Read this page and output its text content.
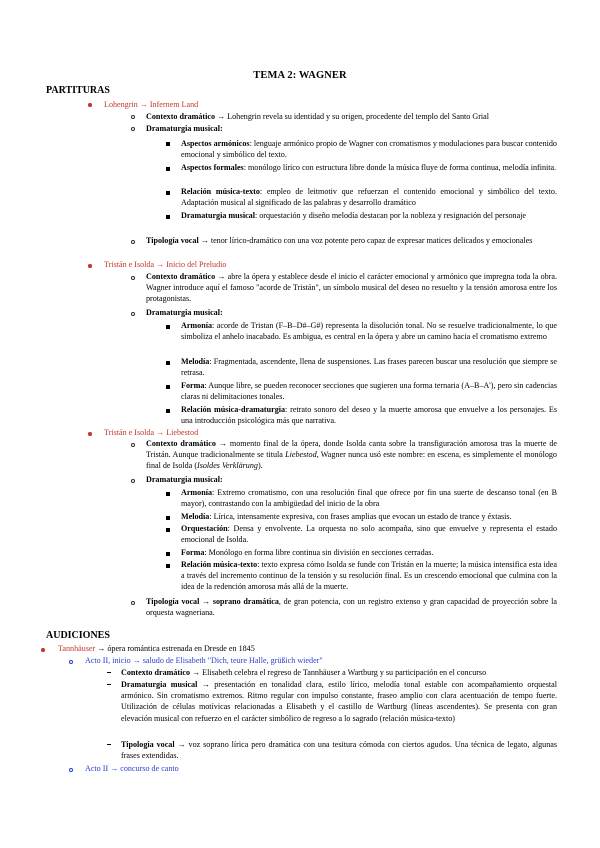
TEMA 2: WAGNER
PARTITURAS
Lohengrin → Infernem Land

Contexto dramático → Lohengrin revela su identidad y su origen, procedente del templo del Santo Grial

Dramaturgia musical:

Aspectos armónicos: lenguaje armónico propio de Wagner con cromatismos y modulaciones para buscar contenido emocional y simbólico del texto.

Aspectos formales: monólogo lírico con estructura libre donde la música fluye de forma continua, melodía infinita.

Relación música-texto: empleo de leitmotiv que refuerzan el contenido emocional y simbólico del texto. Adaptación musical al significado de las palabras y desarrollo dramático

Dramaturgia musical: orquestación y diseño melodía destacan por la nobleza y resignación del personaje

Tipología vocal → tenor lírico-dramático con una voz potente pero capaz de expresar matices delicados y emocionales

Tristán e Isolda → Inicio del Preludio

Contexto dramático → abre la ópera y establece desde el inicio el carácter emocional y armónico que impregna toda la obra. Wagner introduce aquí el famoso "acorde de Tristán", un símbolo musical del deseo no resuelto y la tensión amorosa entre los protagonistas.

Dramaturgia musical:

Armonía: acorde de Tristan (F–B–D#–G#) representa la disolución tonal. No se resuelve tradicionalmente, lo que simboliza el anhelo inacabado. Es ambigua, es central en la ópera y abre un camino hacia el cromatismo extremo

Melodía: Fragmentada, ascendente, llena de suspensiones. Las frases parecen buscar una resolución que siempre se retrasa.

Forma: Aunque libre, se pueden reconocer secciones que sugieren una forma ternaria (A–B–A'), pero sin cadencias claras ni delimitaciones tonales.

Relación música-dramaturgia: retrato sonoro del deseo y la muerte amorosa que envuelve a los personajes. Es una introducción psicológica más que narrativa.

Tristán e Isolda → Liebestod

Contexto dramático → momento final de la ópera, donde Isolda canta sobre la transfiguración amorosa tras la muerte de Tristán. Aunque tradicionalmente se titula Liebestod, Wagner nunca usó este nombre: en escena, es simplemente el monólogo final de Isolda (Isoldes Verklärung).

Dramaturgia musical:

Armonía: Extremo cromatismo, con una resolución final que ofrece por fin una suerte de descanso tonal (en B mayor), contrastando con la ambigüedad del inicio de la obra

Melodía: Lírica, intensamente expresiva, con frases amplias que evocan un estado de trance y éxtasis.

Orquestación: Densa y envolvente. La orquesta no solo acompaña, sino que envuelve y representa el estado emocional de Isolda.

Forma: Monólogo en forma libre continua sin división en secciones cerradas.

Relación música-texto: texto expresa cómo Isolda se funde con Tristán en la muerte; la música intensifica esta idea a través del incremento continuo de la tensión y su resolución final. Es un crescendo emocional que culmina con la idea de la redención amorosa más allá de la muerte.

Tipología vocal → soprano dramática, de gran potencia, con un registro extenso y gran capacidad de proyección sobre la orquesta wagneriana.

AUDICIONES
Tannhäuser → ópera romántica estrenada en Dresde en 1845
Acto II, inicio → saludo de Elisabeth "Dich, teure Halle, grüßich wieder"

Contexto dramático → Elisabeth celebra el regreso de Tannhäuser a Wartburg y su participación en el concurso

Dramaturgia musical → presentación en tonalidad clara, estilo lírico, melodía tonal estable con acompañamiento orquestal armónico. Sin cromatismo extremos. Ritmo regular con impulso constante, fraseo amplio con clara acentuación de tempo fuerte. Utilización de células motívicas relacionadas a Elisabeth y el castillo de Wartburg (líneas ascendentes). Se presenta con gran elevación musical con refuerzo en el carácter simbólico de regreso a lo sagrado (relación música-texto)

Tipología vocal → voz soprano lírica pero dramática con una tesitura cómoda con ciertos agudos. Una técnica de legato, algunas frases extendidas.

Acto II → concurso de canto
